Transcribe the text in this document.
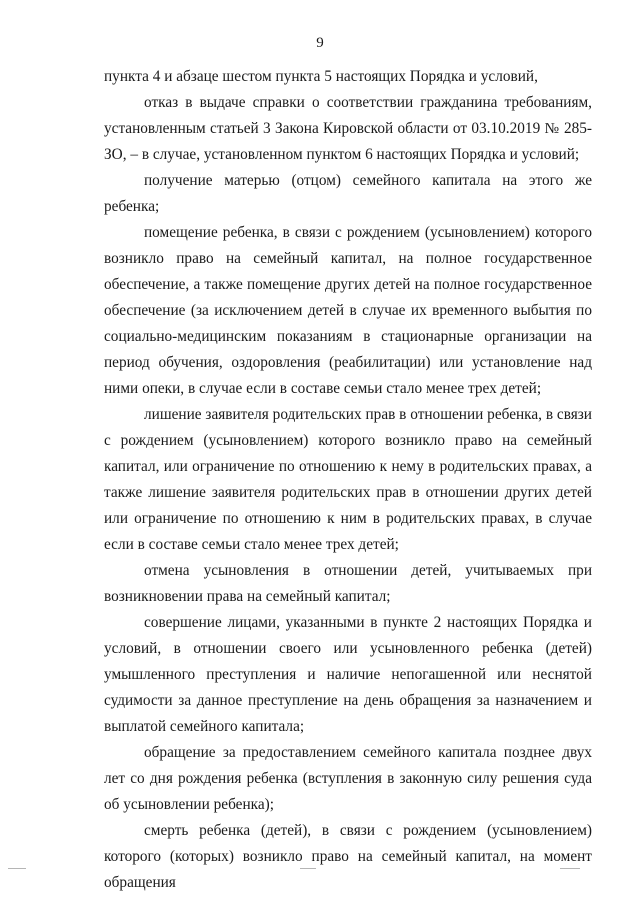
9

пункта 4 и абзаце шестом пункта 5 настоящих Порядка и условий,

отказ в выдаче справки о соответствии гражданина требованиям, установленным статьей 3 Закона Кировской области от 03.10.2019 № 285-ЗО, – в случае, установленном пунктом 6 настоящих Порядка и условий;

получение матерью (отцом) семейного капитала на этого же ребенка;

помещение ребенка, в связи с рождением (усыновлением) которого возникло право на семейный капитал, на полное государственное обеспечение, а также помещение других детей на полное государственное обеспечение (за исключением детей в случае их временного выбытия по социально-медицинским показаниям в стационарные организации на период обучения, оздоровления (реабилитации) или установление над ними опеки, в случае если в составе семьи стало менее трех детей;

лишение заявителя родительских прав в отношении ребенка, в связи с рождением (усыновлением) которого возникло право на семейный капитал, или ограничение по отношению к нему в родительских правах, а также лишение заявителя родительских прав в отношении других детей или ограничение по отношению к ним в родительских правах, в случае если в составе семьи стало менее трех детей;

отмена усыновления в отношении детей, учитываемых при возникновении права на семейный капитал;

совершение лицами, указанными в пункте 2 настоящих Порядка и условий, в отношении своего или усыновленного ребенка (детей) умышленного преступления и наличие непогашенной или неснятой судимости за данное преступление на день обращения за назначением и выплатой семейного капитала;

обращение за предоставлением семейного капитала позднее двух лет со дня рождения ребенка (вступления в законную силу решения суда об усыновлении ребенка);

смерть ребенка (детей), в связи с рождением (усыновлением) которого (которых) возникло право на семейный капитал, на момент обращения
